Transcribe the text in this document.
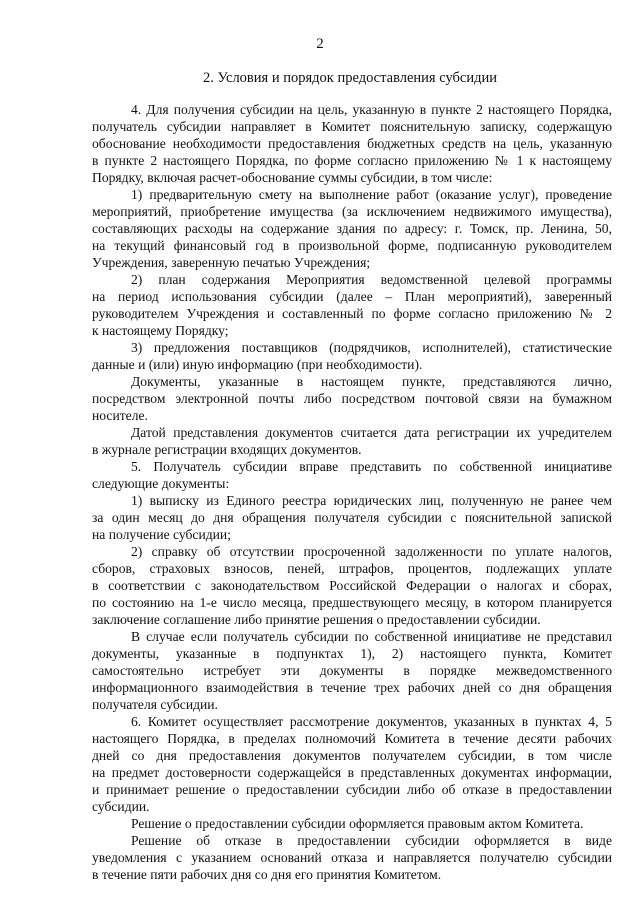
2
2. Условия и порядок предоставления субсидии
4. Для получения субсидии на цель, указанную в пункте 2 настоящего Порядка,
получатель субсидии направляет в Комитет пояснительную записку, содержащую
обоснование необходимости предоставления бюджетных средств на цель, указанную
в пункте 2 настоящего Порядка, по форме согласно приложению № 1 к настоящему
Порядку, включая расчет-обоснование суммы субсидии, в том числе:
1) предварительную смету на выполнение работ (оказание услуг), проведение
мероприятий, приобретение имущества (за исключением недвижимого имущества),
составляющих расходы на содержание здания по адресу: г. Томск, пр. Ленина, 50,
на текущий финансовый год в произвольной форме, подписанную руководителем
Учреждения, заверенную печатью Учреждения;
2) план содержания Мероприятия ведомственной целевой программы
на период использования субсидии (далее – План мероприятий), заверенный
руководителем Учреждения и составленный по форме согласно приложению № 2
к настоящему Порядку;
3) предложения поставщиков (подрядчиков, исполнителей), статистические
данные и (или) иную информацию (при необходимости).
Документы, указанные в настоящем пункте, представляются лично,
посредством электронной почты либо посредством почтовой связи на бумажном
носителе.
Датой представления документов считается дата регистрации их учредителем
в журнале регистрации входящих документов.
5. Получатель субсидии вправе представить по собственной инициативе
следующие документы:
1) выписку из Единого реестра юридических лиц, полученную не ранее чем
за один месяц до дня обращения получателя субсидии с пояснительной запиской
на получение субсидии;
2) справку об отсутствии просроченной задолженности по уплате налогов,
сборов, страховых взносов, пеней, штрафов, процентов, подлежащих уплате
в соответствии с законодательством Российской Федерации о налогах и сборах,
по состоянию на 1-е число месяца, предшествующего месяцу, в котором планируется
заключение соглашение либо принятие решения о предоставлении субсидии.
В случае если получатель субсидии по собственной инициативе не представил
документы, указанные в подпунктах 1), 2) настоящего пункта, Комитет
самостоятельно истребует эти документы в порядке межведомственного
информационного взаимодействия в течение трех рабочих дней со дня обращения
получателя субсидии.
6. Комитет осуществляет рассмотрение документов, указанных в пунктах 4, 5
настоящего Порядка, в пределах полномочий Комитета в течение десяти рабочих
дней со дня предоставления документов получателем субсидии, в том числе
на предмет достоверности содержащейся в представленных документах информации,
и принимает решение о предоставлении субсидии либо об отказе в предоставлении
субсидии.
Решение о предоставлении субсидии оформляется правовым актом Комитета.
Решение об отказе в предоставлении субсидии оформляется в виде
уведомления с указанием оснований отказа и направляется получателю субсидии
в течение пяти рабочих дня со дня его принятия Комитетом.
